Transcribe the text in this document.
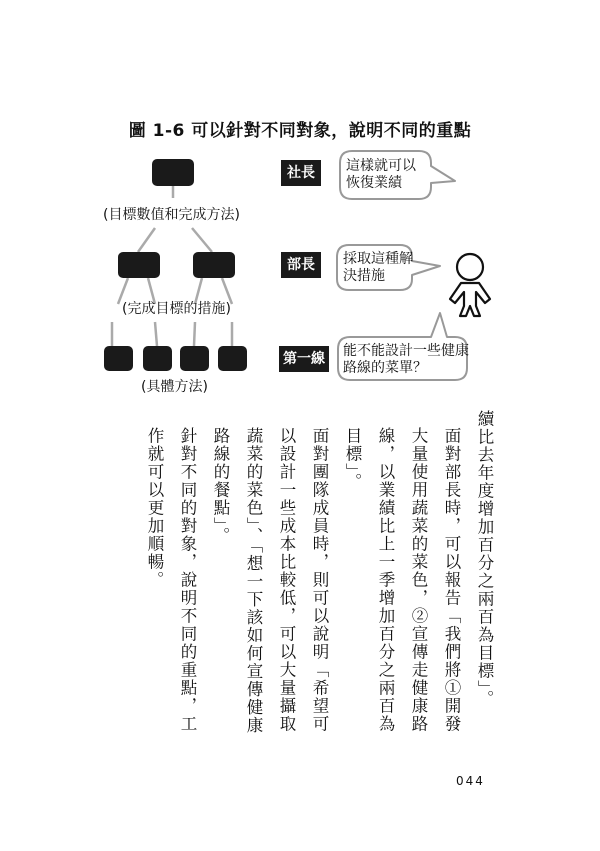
圖 1-6 可以針對不同對象，說明不同的重點
(目標數值和完成方法)
(完成目標的措施)
(具體方法)
社長
部長
第一線
這樣就可以
恢復業績
採取這種解
決措施
能不能設計一些健康
路線的菜單？

續比去年度增加百分之兩百為目標」。

面對部長時，可以報告「我們將①開發大量使用蔬菜的菜色，②宣傳走健康路線，以業績比上一季增加百分之兩百為目標」。

面對團隊成員時，則可以說明「希望可以設計一些成本比較低，可以大量攝取蔬菜的菜色」、「想一下該如何宣傳健康路線的餐點」。

針對不同的對象，說明不同的重點，工作就可以更加順暢。

044
